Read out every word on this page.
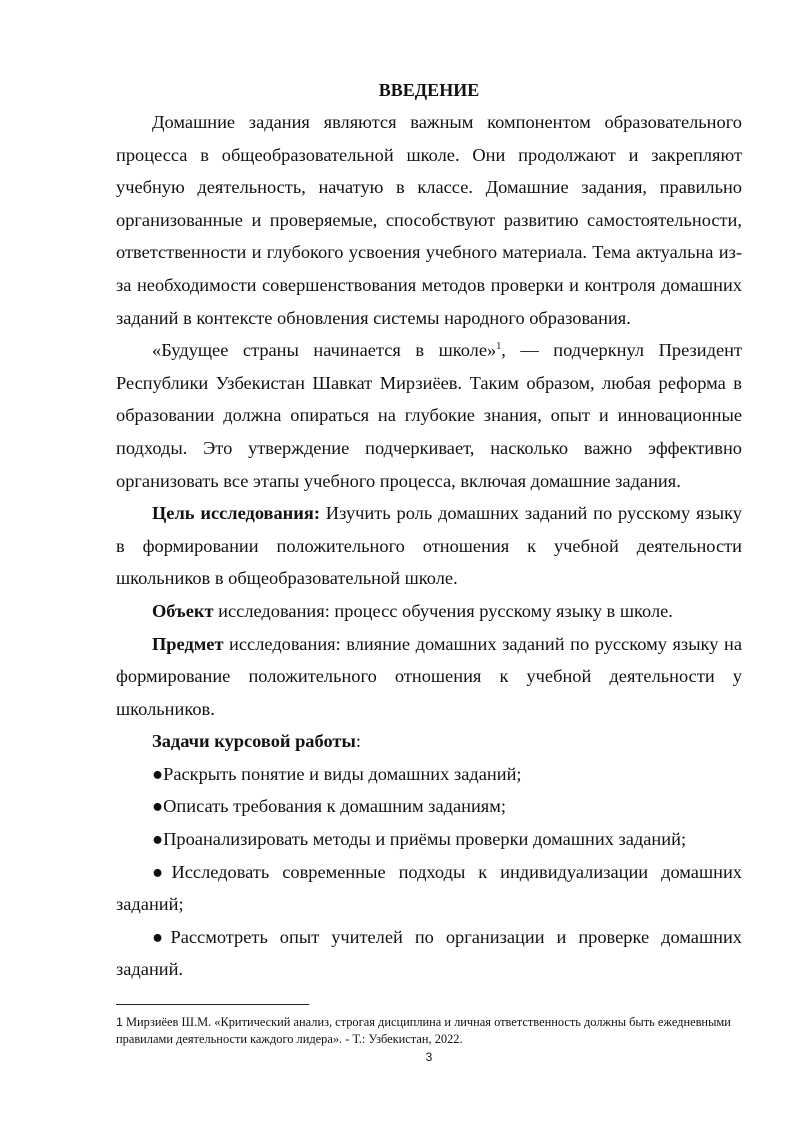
ВВЕДЕНИЕ

Домашние задания являются важным компонентом образовательного процесса в общеобразовательной школе. Они продолжают и закрепляют учебную деятельность, начатую в классе. Домашние задания, правильно организованные и проверяемые, способствуют развитию самостоятельности, ответственности и глубокого усвоения учебного материала. Тема актуальна из-за необходимости совершенствования методов проверки и контроля домашних заданий в контексте обновления системы народного образования.

«Будущее страны начинается в школе»$^1$, — подчеркнул Президент Республики Узбекистан Шавкат Мирзиёев. Таким образом, любая реформа в образовании должна опираться на глубокие знания, опыт и инновационные подходы. Это утверждение подчеркивает, насколько важно эффективно организовать все этапы учебного процесса, включая домашние задания.

Цель исследования: Изучить роль домашних заданий по русскому языку в формировании положительного отношения к учебной деятельности школьников в общеобразовательной школе.

Объект исследования: процесс обучения русскому языку в школе.

Предмет исследования: влияние домашних заданий по русскому языку на формирование положительного отношения к учебной деятельности у школьников.

Задачи курсовой работы:

●Раскрыть понятие и виды домашних заданий;

●Описать требования к домашним заданиям;

●Проанализировать методы и приёмы проверки домашних заданий;

●Исследовать современные подходы к индивидуализации домашних заданий;

●Рассмотреть опыт учителей по организации и проверке домашних заданий.

1 Мирзиёев Ш.М. «Критический анализ, строгая дисциплина и личная ответственность должны быть ежедневными правилами деятельности каждого лидера». - Т.: Узбекистан, 2022.
3
